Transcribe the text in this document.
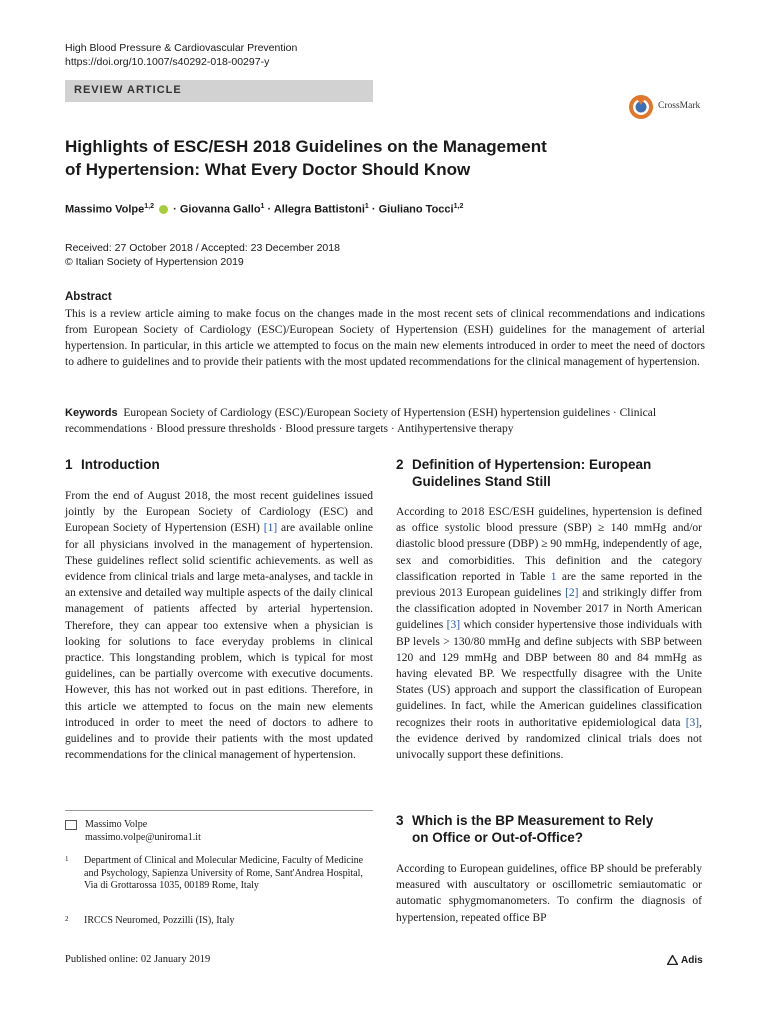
High Blood Pressure & Cardiovascular Prevention
https://doi.org/10.1007/s40292-018-00297-y
REVIEW ARTICLE
CrossMark
Highlights of ESC/ESH 2018 Guidelines on the Management
of Hypertension: What Every Doctor Should Know
Massimo Volpe$^{1,2}$ · Giovanna Gallo$^1$ · Allegra Battistoni$^1$ · Giuliano Tocci$^{1,2}$
Received: 27 October 2018 / Accepted: 23 December 2018
© Italian Society of Hypertension 2019
Abstract
This is a review article aiming to make focus on the changes made in the most recent sets of clinical recommendations and indications from European Society of Cardiology (ESC)/European Society of Hypertension (ESH) guidelines for the management of arterial hypertension. In particular, in this article we attempted to focus on the main new elements introduced in order to meet the need of doctors to adhere to guidelines and to provide their patients with the most updated recommendations for the clinical management of hypertension.
Keywords European Society of Cardiology (ESC)/European Society of Hypertension (ESH) hypertension guidelines · Clinical recommendations · Blood pressure thresholds · Blood pressure targets · Antihypertensive therapy
1 Introduction

From the end of August 2018, the most recent guidelines issued jointly by the European Society of Cardiology (ESC) and European Society of Hypertension (ESH) [1] are available online for all physicians involved in the management of hypertension. These guidelines reflect solid scientific achievements. as well as evidence from clinical trials and large meta-analyses, and tackle in an extensive and detailed way multiple aspects of the daily clinical management of patients affected by arterial hypertension. Therefore, they can appear too extensive when a physician is looking for solutions to face everyday problems in clinical practice. This longstanding problem, which is typical for most guidelines, can be partially overcome with executive documents. However, this has not worked out in past editions. Therefore, in this article we attempted to focus on the main new elements introduced in order to meet the need of doctors to adhere to guidelines and to provide their patients with the most updated recommendations for the clinical management of hypertension.

2 Definition of Hypertension: European
Guidelines Stand Still

According to 2018 ESC/ESH guidelines, hypertension is defined as office systolic blood pressure (SBP) ≥ 140 mmHg and/or diastolic blood pressure (DBP) ≥ 90 mmHg, independently of age, sex and comorbidities. This definition and the category classification reported in Table 1 are the same reported in the previous 2013 European guidelines [2] and strikingly differ from the classification adopted in November 2017 in North American guidelines [3] which consider hypertensive those individuals with BP levels > 130/80 mmHg and define subjects with SBP between 120 and 129 mmHg and DBP between 80 and 84 mmHg as having elevated BP. We respectfully disagree with the Unite States (US) approach and support the classification of European guidelines. In fact, while the American guidelines classification recognizes their roots in authoritative epidemiological data [3], the evidence derived by randomized clinical trials does not univocally support these definitions.

3 Which is the BP Measurement to Rely
on Office or Out-of-Office?
According to European guidelines, office BP should be preferably measured with auscultatory or oscillometric semiautomatic or automatic sphygmomanometers. To confirm the diagnosis of hypertension, repeated office BP
Massimo Volpe
massimo.volpe@uniroma1.it
1 Department of Clinical and Molecular Medicine, Faculty of Medicine and Psychology, Sapienza University of Rome, Sant'Andrea Hospital, Via di Grottarossa 1035, 00189 Rome, Italy
2 IRCCS Neuromed, Pozzilli (IS), Italy
Published online: 02 January 2019	Adis
